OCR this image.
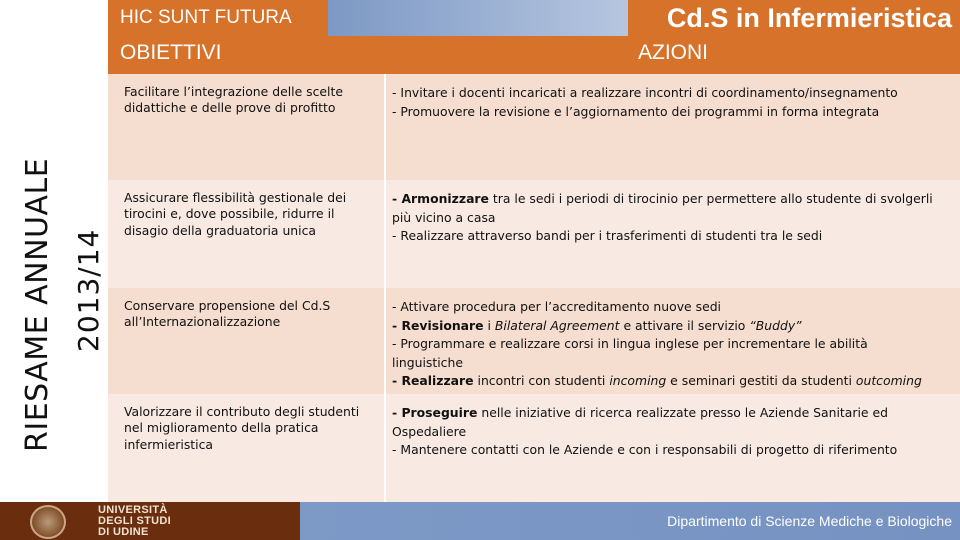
HIC SUNT FUTURA	Cd.S in Infermieristica
OBIETTIVI	AZIONI
RIESAME ANNUALE 2013/14
Facilitare l’integrazione delle scelte
didattiche e delle prove di profitto
- Invitare i docenti incaricati a realizzare incontri di coordinamento/insegnamento
- Promuovere la revisione e l’aggiornamento dei programmi in forma integrata
Assicurare flessibilità gestionale dei
tirocini e, dove possibile, ridurre il
disagio della graduatoria unica
- Armonizzare tra le sedi i periodi di tirocinio per permettere allo studente di svolgerli
più vicino a casa
- Realizzare attraverso bandi per i trasferimenti di studenti tra le sedi
Conservare propensione del Cd.S
all’Internazionalizzazione
- Attivare procedura per l’accreditamento nuove sedi
- Revisionare i Bilateral Agreement e attivare il servizio “Buddy”
- Programmare e realizzare corsi in lingua inglese per incrementare le abilità
linguistiche
- Realizzare incontri con studenti incoming e seminari gestiti da studenti outcoming
Valorizzare il contributo degli studenti
nel miglioramento della pratica
infermieristica
- Proseguire nelle iniziative di ricerca realizzate presso le Aziende Sanitarie ed
Ospedaliere
- Mantenere contatti con le Aziende e con i responsabili di progetto di riferimento
Dipartimento di Scienze Mediche e Biologiche
UNIVERSITÀ
DEGLI STUDI
DI UDINE
